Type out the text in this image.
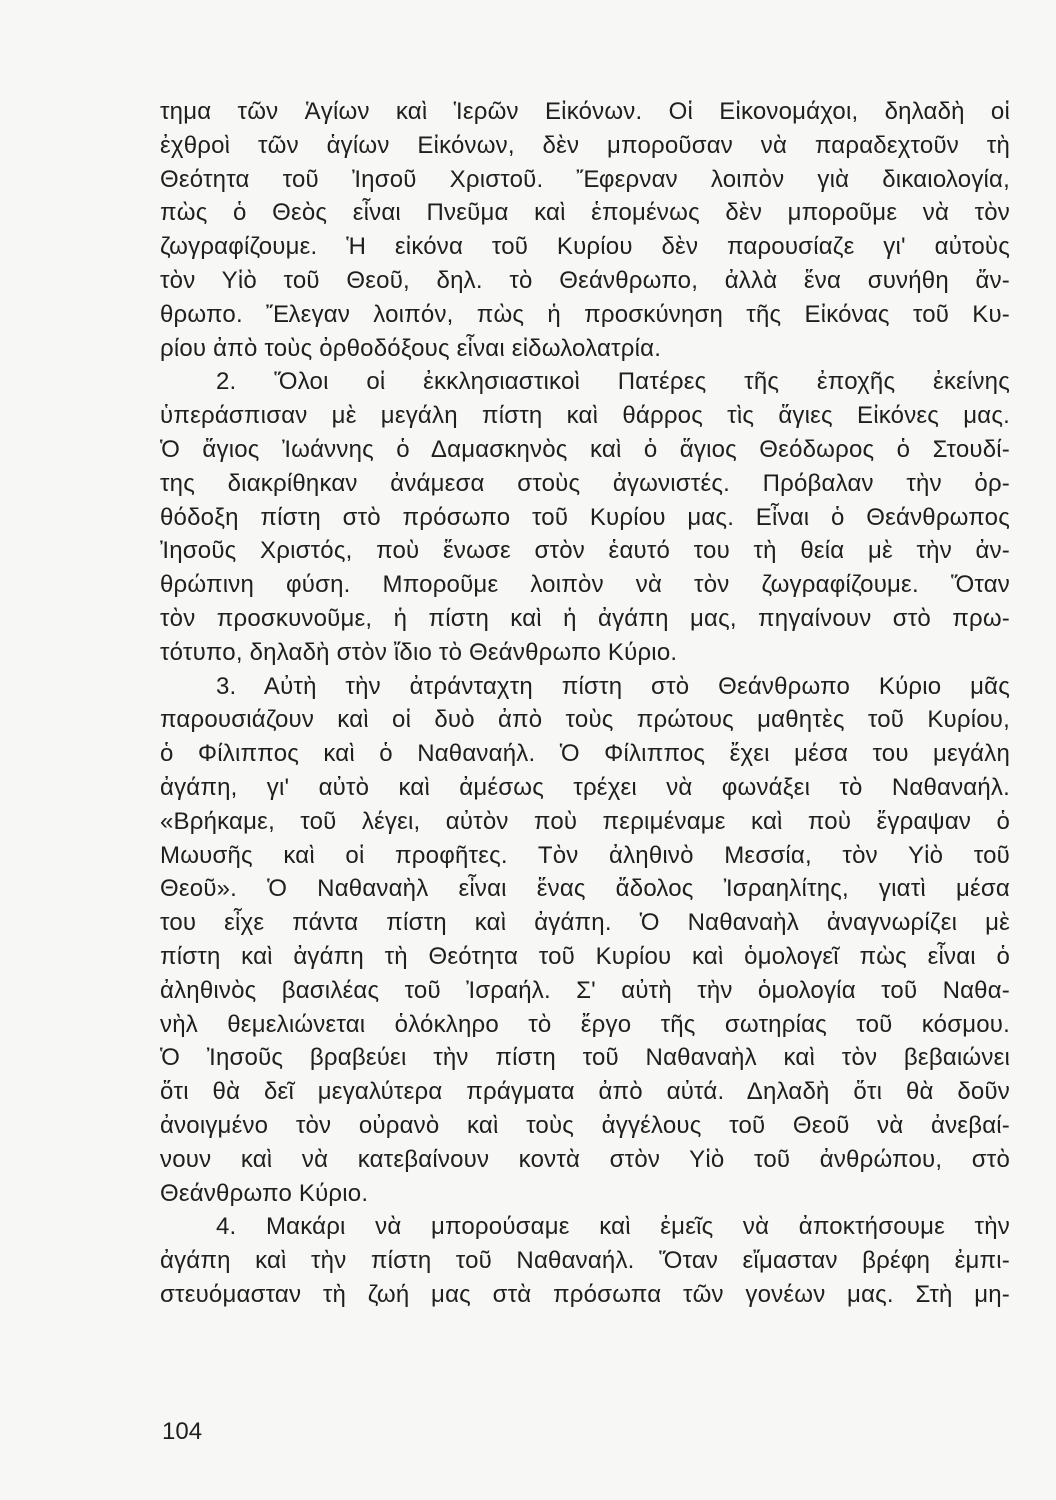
τημα τῶν Ἁγίων καὶ Ἱερῶν Εἰκόνων. Οἱ Εἰκονομάχοι, δηλαδὴ οἱ
ἐχθροὶ τῶν ἁγίων Εἰκόνων, δὲν μποροῦσαν νὰ παραδεχτοῦν τὴ
Θεότητα τοῦ Ἰησοῦ Χριστοῦ. Ἔφερναν λοιπὸν γιὰ δικαιολογία,
πὼς ὁ Θεὸς εἶναι Πνεῦμα καὶ ἑπομένως δὲν μποροῦμε νὰ τὸν
ζωγραφίζουμε. Ἡ εἰκόνα τοῦ Κυρίου δὲν παρουσίαζε γι' αὐτοὺς
τὸν Υἱὸ τοῦ Θεοῦ, δηλ. τὸ Θεάνθρωπο, ἀλλὰ ἕνα συνήθη ἄν-
θρωπο. Ἔλεγαν λοιπόν, πὼς ἡ προσκύνηση τῆς Εἰκόνας τοῦ Κυ-
ρίου ἀπὸ τοὺς ὀρθοδόξους εἶναι εἰδωλολατρία.
2. Ὅλοι οἱ ἐκκλησιαστικοὶ Πατέρες τῆς ἐποχῆς ἐκείνης
ὑπεράσπισαν μὲ μεγάλη πίστη καὶ θάρρος τὶς ἅγιες Εἰκόνες μας.
Ὁ ἅγιος Ἰωάννης ὁ Δαμασκηνὸς καὶ ὁ ἅγιος Θεόδωρος ὁ Στουδί-
της διακρίθηκαν ἀνάμεσα στοὺς ἀγωνιστές. Πρόβαλαν τὴν ὀρ-
θόδοξη πίστη στὸ πρόσωπο τοῦ Κυρίου μας. Εἶναι ὁ Θεάνθρωπος
Ἰησοῦς Χριστός, ποὺ ἕνωσε στὸν ἑαυτό του τὴ θεία μὲ τὴν ἀν-
θρώπινη φύση. Μποροῦμε λοιπὸν νὰ τὸν ζωγραφίζουμε. Ὅταν
τὸν προσκυνοῦμε, ἡ πίστη καὶ ἡ ἀγάπη μας, πηγαίνουν στὸ πρω-
τότυπο, δηλαδὴ στὸν ἴδιο τὸ Θεάνθρωπο Κύριο.
3. Αὐτὴ τὴν ἀτράνταχτη πίστη στὸ Θεάνθρωπο Κύριο μᾶς
παρουσιάζουν καὶ οἱ δυὸ ἀπὸ τοὺς πρώτους μαθητὲς τοῦ Κυρίου,
ὁ Φίλιππος καὶ ὁ Ναθαναήλ. Ὁ Φίλιππος ἔχει μέσα του μεγάλη
ἀγάπη, γι' αὐτὸ καὶ ἀμέσως τρέχει νὰ φωνάξει τὸ Ναθαναήλ.
«Βρήκαμε, τοῦ λέγει, αὐτὸν ποὺ περιμέναμε καὶ ποὺ ἔγραψαν ὁ
Μωυσῆς καὶ οἱ προφῆτες. Τὸν ἀληθινὸ Μεσσία, τὸν Υἱὸ τοῦ
Θεοῦ». Ὁ Ναθαναὴλ εἶναι ἕνας ἄδολος Ἰσραηλίτης, γιατὶ μέσα
του εἶχε πάντα πίστη καὶ ἀγάπη. Ὁ Ναθαναὴλ ἀναγνωρίζει μὲ
πίστη καὶ ἀγάπη τὴ Θεότητα τοῦ Κυρίου καὶ ὁμολογεῖ πὼς εἶναι ὁ
ἀληθινὸς βασιλέας τοῦ Ἰσραήλ. Σ' αὐτὴ τὴν ὁμολογία τοῦ Ναθα-
νὴλ θεμελιώνεται ὁλόκληρο τὸ ἔργο τῆς σωτηρίας τοῦ κόσμου.
Ὁ Ἰησοῦς βραβεύει τὴν πίστη τοῦ Ναθαναὴλ καὶ τὸν βεβαιώνει
ὅτι θὰ δεῖ μεγαλύτερα πράγματα ἀπὸ αὐτά. Δηλαδὴ ὅτι θὰ δοῦν
ἀνοιγμένο τὸν οὐρανὸ καὶ τοὺς ἀγγέλους τοῦ Θεοῦ νὰ ἀνεβαί-
νουν καὶ νὰ κατεβαίνουν κοντὰ στὸν Υἱὸ τοῦ ἀνθρώπου, στὸ
Θεάνθρωπο Κύριο.
4. Μακάρι νὰ μπορούσαμε καὶ ἐμεῖς νὰ ἀποκτήσουμε τὴν
ἀγάπη καὶ τὴν πίστη τοῦ Ναθαναήλ. Ὅταν εἴμασταν βρέφη ἐμπι-
στευόμασταν τὴ ζωή μας στὰ πρόσωπα τῶν γονέων μας. Στὴ μη-
104
